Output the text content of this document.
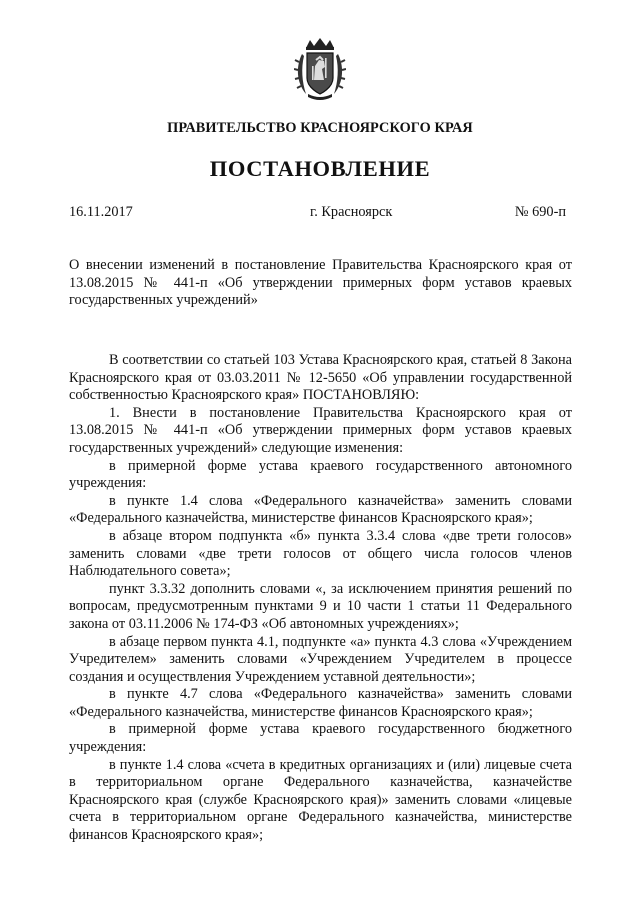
ПРАВИТЕЛЬСТВО КРАСНОЯРСКОГО КРАЯ
ПОСТАНОВЛЕНИЕ
16.11.2017	г. Красноярск	№ 690-п
О внесении изменений в постановление Правительства Красноярского края от 13.08.2015 № 441-п «Об утверждении примерных форм уставов краевых государственных учреждений»

В соответствии со статьей 103 Устава Красноярского края, статьей 8 Закона Красноярского края от 03.03.2011 № 12-5650 «Об управлении государственной собственностью Красноярского края» ПОСТАНОВЛЯЮ:

1. Внести в постановление Правительства Красноярского края от 13.08.2015 № 441-п «Об утверждении примерных форм уставов краевых государственных учреждений» следующие изменения:

в примерной форме устава краевого государственного автономного учреждения:

в пункте 1.4 слова «Федерального казначейства» заменить словами «Федерального казначейства, министерстве финансов Красноярского края»;

в абзаце втором подпункта «б» пункта 3.3.4 слова «две трети голосов» заменить словами «две трети голосов от общего числа голосов членов Наблюдательного совета»;

пункт 3.3.32 дополнить словами «, за исключением принятия решений по вопросам, предусмотренным пунктами 9 и 10 части 1 статьи 11 Федерального закона от 03.11.2006 № 174-ФЗ «Об автономных учреждениях»;

в абзаце первом пункта 4.1, подпункте «а» пункта 4.3 слова «Учреждением Учредителем» заменить словами «Учреждением Учредителем в процессе создания и осуществления Учреждением уставной деятельности»;

в пункте 4.7 слова «Федерального казначейства» заменить словами «Федерального казначейства, министерстве финансов Красноярского края»;

в примерной форме устава краевого государственного бюджетного учреждения:

в пункте 1.4 слова «счета в кредитных организациях и (или) лицевые счета в территориальном органе Федерального казначейства, казначействе Красноярского края (службе Красноярского края)» заменить словами «лицевые счета в территориальном органе Федерального казначейства, министерстве финансов Красноярского края»;
